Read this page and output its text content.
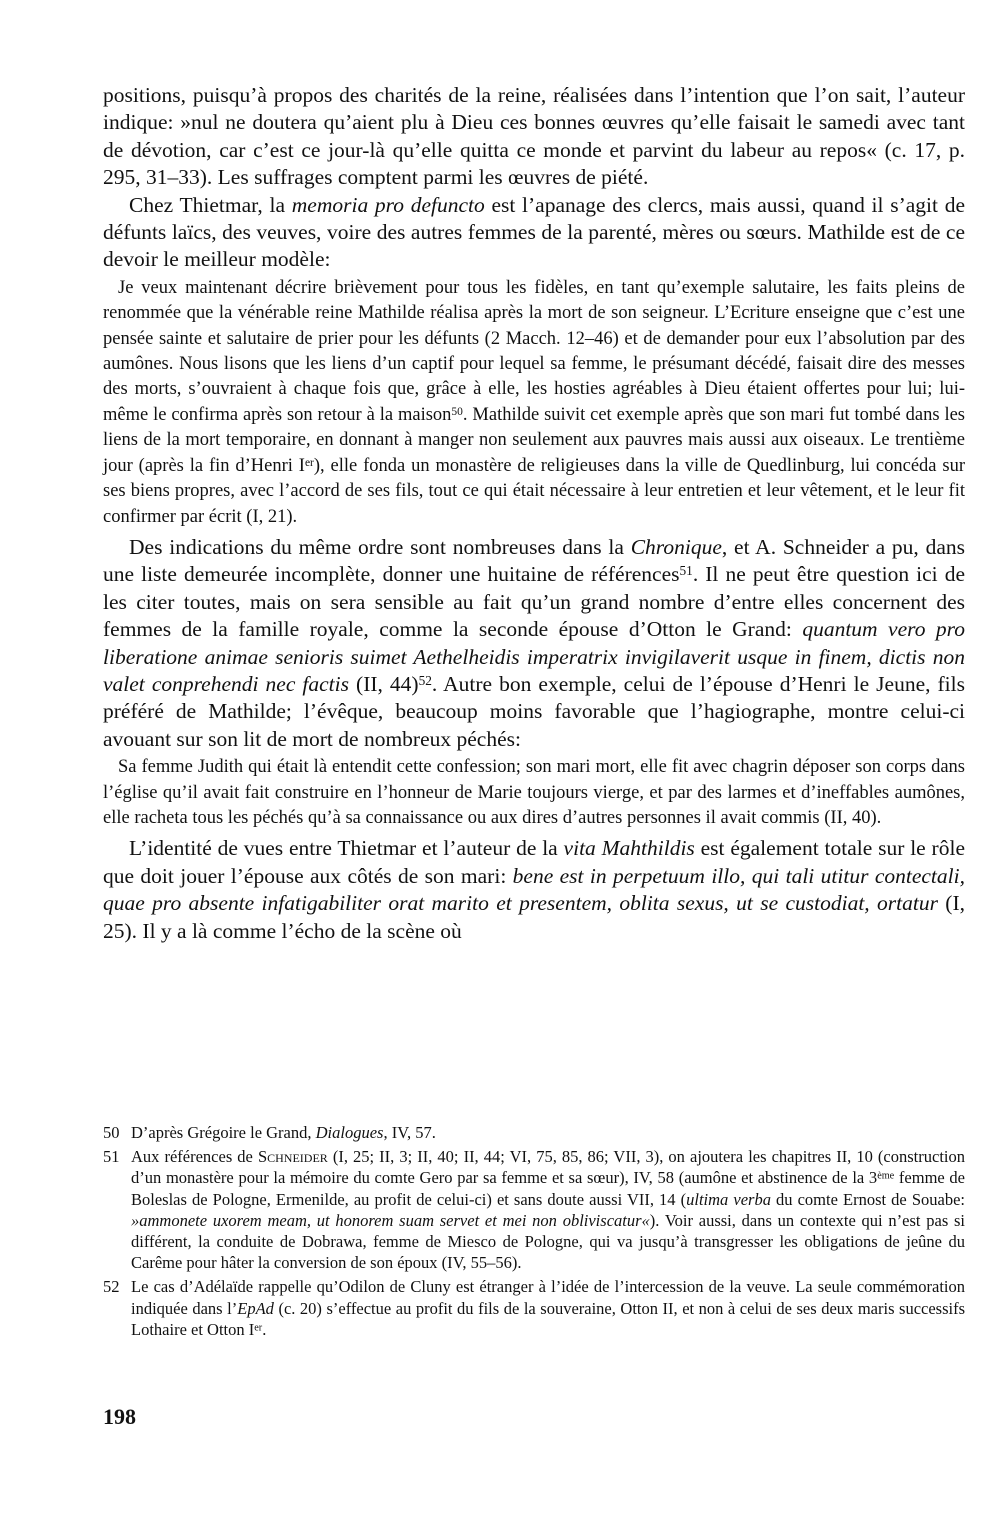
positions, puisqu’à propos des charités de la reine, réalisées dans l’intention que l’on sait, l’auteur indique: »nul ne doutera qu’aient plu à Dieu ces bonnes œuvres qu’elle faisait le samedi avec tant de dévotion, car c’est ce jour-là qu’elle quitta ce monde et parvint du labeur au repos« (c. 17, p. 295, 31–33). Les suffrages comptent parmi les œuvres de piété.

Chez Thietmar, la memoria pro defuncto est l’apanage des clercs, mais aussi, quand il s’agit de défunts laïcs, des veuves, voire des autres femmes de la parenté, mères ou sœurs. Mathilde est de ce devoir le meilleur modèle:

Je veux maintenant décrire brièvement pour tous les fidèles, en tant qu’exemple salutaire, les faits pleins de renommée que la vénérable reine Mathilde réalisa après la mort de son seigneur. L’Ecriture enseigne que c’est une pensée sainte et salutaire de prier pour les défunts (2 Macch. 12–46) et de demander pour eux l’absolution par des aumônes. Nous lisons que les liens d’un captif pour lequel sa femme, le présumant décédé, faisait dire des messes des morts, s’ouvraient à chaque fois que, grâce à elle, les hosties agréables à Dieu étaient offertes pour lui; lui-même le confirma après son retour à la maison$^{50}$. Mathilde suivit cet exemple après que son mari fut tombé dans les liens de la mort temporaire, en donnant à manger non seulement aux pauvres mais aussi aux oiseaux. Le trentième jour (après la fin d’Henri Ier), elle fonda un monastère de religieuses dans la ville de Quedlinburg, lui concéda sur ses biens propres, avec l’accord de ses fils, tout ce qui était nécessaire à leur entretien et leur vêtement, et le leur fit confirmer par écrit (I, 21).

Des indications du même ordre sont nombreuses dans la Chronique, et A. Schneider a pu, dans une liste demeurée incomplète, donner une huitaine de références$^{51}$. Il ne peut être question ici de les citer toutes, mais on sera sensible au fait qu’un grand nombre d’entre elles concernent des femmes de la famille royale, comme la seconde épouse d’Otton le Grand: quantum vero pro liberatione animae senioris suimet Aethelheidis imperatrix invigilaverit usque in finem, dictis non valet conprehendi nec factis (II, 44)$^{52}$. Autre bon exemple, celui de l’épouse d’Henri le Jeune, fils préféré de Mathilde; l’évêque, beaucoup moins favorable que l’hagiographe, montre celui-ci avouant sur son lit de mort de nombreux péchés:

Sa femme Judith qui était là entendit cette confession; son mari mort, elle fit avec chagrin déposer son corps dans l’église qu’il avait fait construire en l’honneur de Marie toujours vierge, et par des larmes et d’ineffables aumônes, elle racheta tous les péchés qu’à sa connaissance ou aux dires d’autres personnes il avait commis (II, 40).

L’identité de vues entre Thietmar et l’auteur de la vita Mahthildis est également totale sur le rôle que doit jouer l’épouse aux côtés de son mari: bene est in perpetuum illo, qui tali utitur contectali, quae pro absente infatigabiliter orat marito et presentem, oblita sexus, ut se custodiat, ortatur (I, 25). Il y a là comme l’écho de la scène où

50 D’après Grégoire le Grand, Dialogues, IV, 57.
51 Aux références de Schneider (I, 25; II, 3; II, 40; II, 44; VI, 75, 85, 86; VII, 3), on ajoutera les chapitres II, 10 (construction d’un monastère pour la mémoire du comte Gero par sa femme et sa sœur), IV, 58 (aumône et abstinence de la 3ème femme de Boleslas de Pologne, Ermenilde, au profit de celui-ci) et sans doute aussi VII, 14 (ultima verba du comte Ernost de Souabe: »ammonete uxorem meam, ut honorem suam servet et mei non obliviscatur«). Voir aussi, dans un contexte qui n’est pas si différent, la conduite de Dobrawa, femme de Miesco de Pologne, qui va jusqu’à transgresser les obligations de jeûne du Carême pour hâter la conversion de son époux (IV, 55–56).
52 Le cas d’Adélaïde rappelle qu’Odilon de Cluny est étranger à l’idée de l’intercession de la veuve. La seule commémoration indiquée dans l’EpAd (c. 20) s’effectue au profit du fils de la souveraine, Otton II, et non à celui de ses deux maris successifs Lothaire et Otton Ier.
198
